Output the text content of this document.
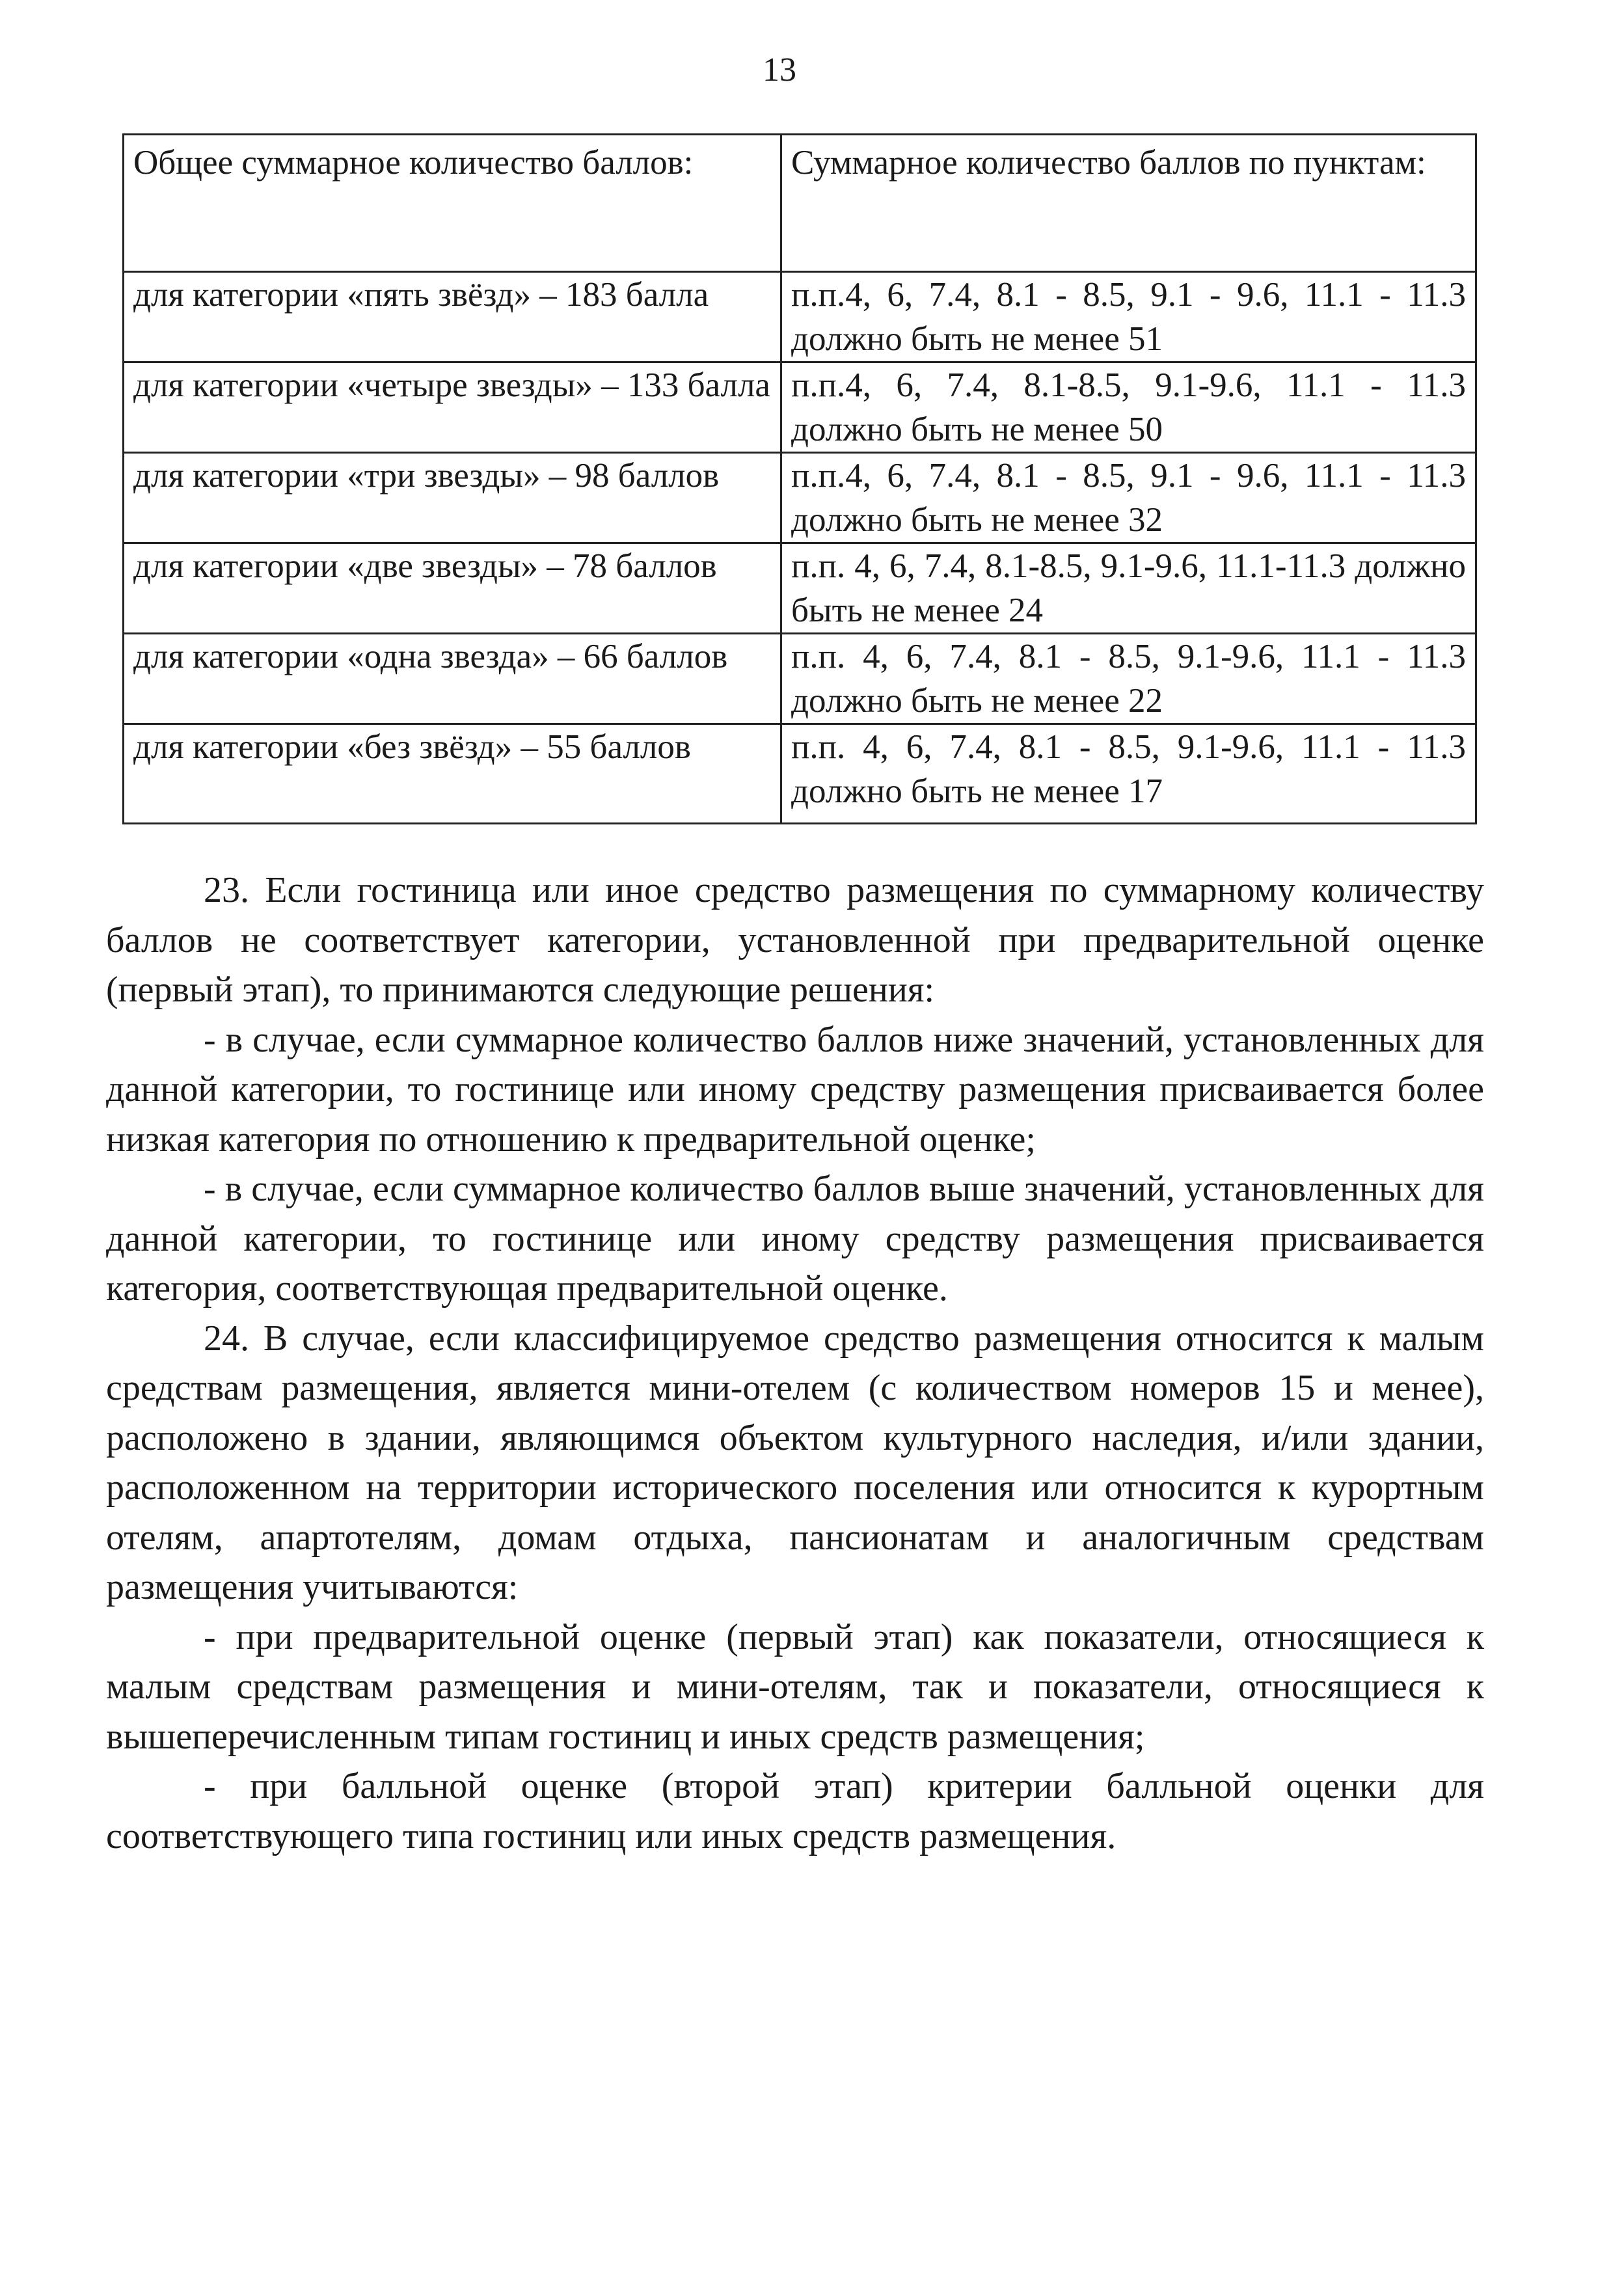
13
Общее суммарное количество баллов:	Суммарное количество баллов по пунктам:
для категории «пять звёзд» – 183 балла	п.п.4, 6, 7.4, 8.1 - 8.5, 9.1 - 9.6, 11.1 - 11.3 должно быть не менее 51
для категории «четыре звезды» – 133 балла	п.п.4, 6, 7.4, 8.1-8.5, 9.1-9.6, 11.1 - 11.3 должно быть не менее 50
для категории «три звезды» – 98 баллов	п.п.4, 6, 7.4, 8.1 - 8.5, 9.1 - 9.6, 11.1 - 11.3 должно быть не менее 32
для категории «две звезды» – 78 баллов	п.п. 4, 6, 7.4, 8.1-8.5, 9.1-9.6, 11.1-11.3 должно быть не менее 24
для категории «одна звезда» – 66 баллов	п.п. 4, 6, 7.4, 8.1 - 8.5, 9.1-9.6, 11.1 - 11.3 должно быть не менее 22
для категории «без звёзд» – 55 баллов	п.п. 4, 6, 7.4, 8.1 - 8.5, 9.1-9.6, 11.1 - 11.3 должно быть не менее 17

23. Если гостиница или иное средство размещения по суммарному количеству баллов не соответствует категории, установленной при предварительной оценке (первый этап), то принимаются следующие решения:

- в случае, если суммарное количество баллов ниже значений, установленных для данной категории, то гостинице или иному средству размещения присваивается более низкая категория по отношению к предварительной оценке;

- в случае, если суммарное количество баллов выше значений, установленных для данной категории, то гостинице или иному средству размещения присваивается категория, соответствующая предварительной оценке.

24. В случае, если классифицируемое средство размещения относится к малым средствам размещения, является мини-отелем (с количеством номеров 15 и менее), расположено в здании, являющимся объектом культурного наследия, и/или здании, расположенном на территории исторического поселения или относится к курортным отелям, апартотелям, домам отдыха, пансионатам и аналогичным средствам размещения учитываются:

- при предварительной оценке (первый этап) как показатели, относящиеся к малым средствам размещения и мини-отелям, так и показатели, относящиеся к вышеперечисленным типам гостиниц и иных средств размещения;

- при балльной оценке (второй этап) критерии балльной оценки для соответствующего типа гостиниц или иных средств размещения.
